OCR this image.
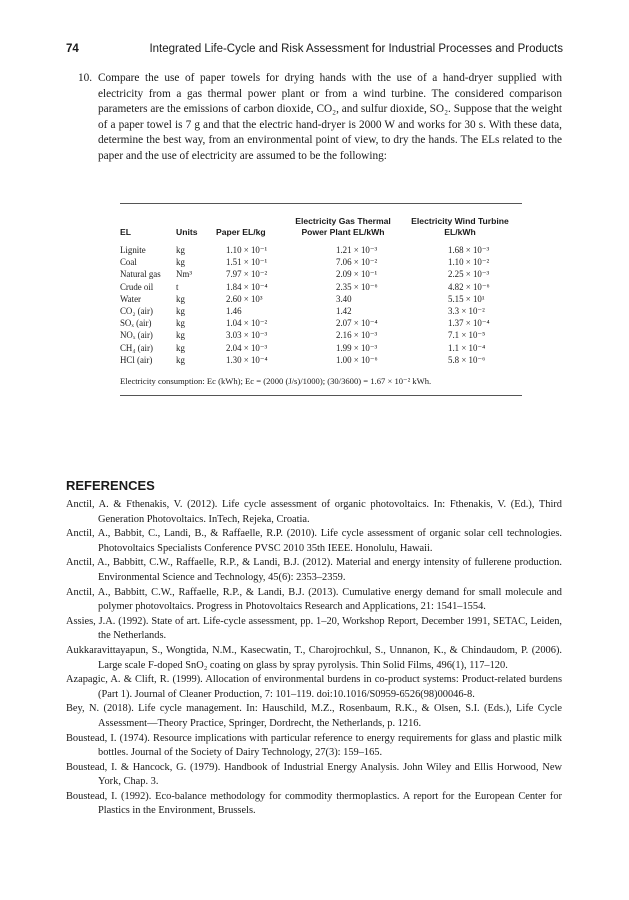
74	Integrated Life-Cycle and Risk Assessment for Industrial Processes and Products
10. Compare the use of paper towels for drying hands with the use of a hand-dryer supplied with electricity from a gas thermal power plant or from a wind turbine. The considered comparison parameters are the emissions of carbon dioxide, CO₂, and sulfur dioxide, SO₂. Suppose that the weight of a paper towel is 7 g and that the electric hand-dryer is 2000 W and works for 30 s. With these data, determine the best way, from an environmental point of view, to dry the hands. The ELs related to the paper and the use of electricity are assumed to be the following:
			Electricity Gas Thermal	Electricity Wind Turbine
EL	Units	Paper EL/kg	Power Plant EL/kWh	EL/kWh
Lignite	kg	1.10 × 10⁻¹	1.21 × 10⁻³	1.68 × 10⁻³
Coal	kg	1.51 × 10⁻¹	7.06 × 10⁻²	1.10 × 10⁻²
Natural gas	Nm³	7.97 × 10⁻²	2.09 × 10⁻¹	2.25 × 10⁻³
Crude oil	t	1.84 × 10⁻⁴	2.35 × 10⁻⁶	4.82 × 10⁻⁶
Water	kg	2.60 × 10³	3.40	5.15 × 10¹
CO₂ (air)	kg	1.46	1.42	3.3 × 10⁻²
SOₓ (air)	kg	1.04 × 10⁻²	2.07 × 10⁻⁴	1.37 × 10⁻⁴
NOₓ (air)	kg	3.03 × 10⁻³	2.16 × 10⁻³	7.1 × 10⁻⁵
CH₄ (air)	kg	2.04 × 10⁻³	1.99 × 10⁻³	1.1 × 10⁻⁴
HCl (air)	kg	1.30 × 10⁻⁴	1.00 × 10⁻⁶	5.8 × 10⁻⁶
Electricity consumption: Ec (kWh); Ec = (2000 (J/s)/1000); (30/3600) = 1.67 × 10⁻² kWh.
REFERENCES

Anctil, A. & Fthenakis, V. (2012). Life cycle assessment of organic photovoltaics. In: Fthenakis, V. (Ed.), Third Generation Photovoltaics. InTech, Rejeka, Croatia.

Anctil, A., Babbit, C., Landi, B., & Raffaelle, R.P. (2010). Life cycle assessment of organic solar cell technologies. Photovoltaics Specialists Conference PVSC 2010 35th IEEE. Honolulu, Hawaii.

Anctil, A., Babbitt, C.W., Raffaelle, R.P., & Landi, B.J. (2012). Material and energy intensity of fullerene production. Environmental Science and Technology, 45(6): 2353–2359.

Anctil, A., Babbitt, C.W., Raffaelle, R.P., & Landi, B.J. (2013). Cumulative energy demand for small molecule and polymer photovoltaics. Progress in Photovoltaics Research and Applications, 21: 1541–1554.

Assies, J.A. (1992). State of art. Life-cycle assessment, pp. 1–20, Workshop Report, December 1991, SETAC, Leiden, the Netherlands.

Aukkaravittayapun, S., Wongtida, N.M., Kasecwatin, T., Charojrochkul, S., Unnanon, K., & Chindaudom, P. (2006). Large scale F-doped SnO₂ coating on glass by spray pyrolysis. Thin Solid Films, 496(1), 117–120.

Azapagic, A. & Clift, R. (1999). Allocation of environmental burdens in co-product systems: Product-related burdens (Part 1). Journal of Cleaner Production, 7: 101–119. doi:10.1016/S0959-6526(98)00046-8.

Bey, N. (2018). Life cycle management. In: Hauschild, M.Z., Rosenbaum, R.K., & Olsen, S.I. (Eds.), Life Cycle Assessment—Theory Practice, Springer, Dordrecht, the Netherlands, p. 1216.

Boustead, I. (1974). Resource implications with particular reference to energy requirements for glass and plastic milk bottles. Journal of the Society of Dairy Technology, 27(3): 159–165.

Boustead, I. & Hancock, G. (1979). Handbook of Industrial Energy Analysis. John Wiley and Ellis Horwood, New York, Chap. 3.

Boustead, I. (1992). Eco-balance methodology for commodity thermoplastics. A report for the European Center for Plastics in the Environment, Brussels.
